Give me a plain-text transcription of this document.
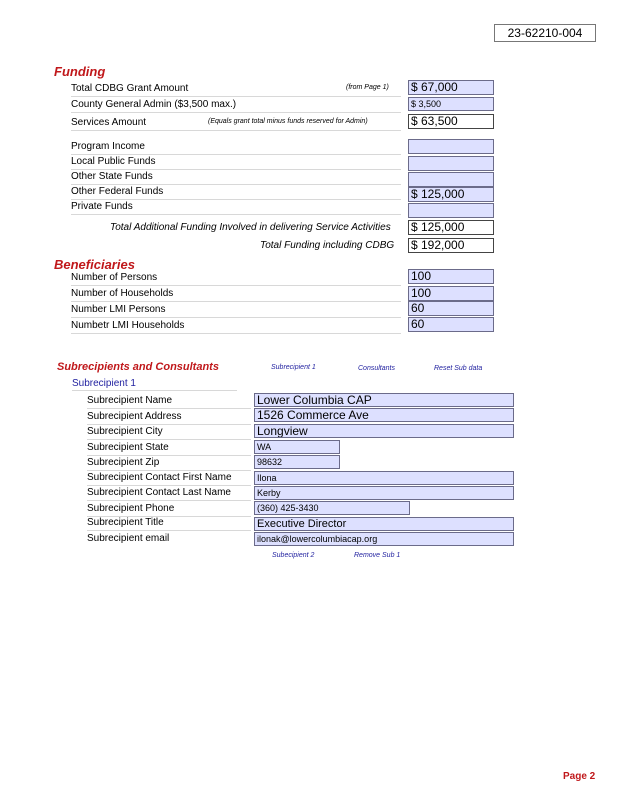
23-62210-004
Funding
Total CDBG Grant Amount	(from Page 1) $ 67,000
County General Admin ($3,500 max.)	$ 3,500
Services Amount	(Equals grant total minus funds reserved for Admin)	$ 63,500
Program Income
Local Public Funds
Other State Funds
Other Federal Funds	$ 125,000
Private Funds
Total Additional Funding Involved in delivering Service Activities $ 125,000
Total Funding including CDBG $ 192,000
Beneficiaries
Number of Persons	100
Number of Households	100
Number LMI Persons	60
Numbetr LMI Households	60
Subrecipients and Consultants	Subrecipient 1	Consultants	Reset Sub data
Subrecipient 1
Subrecipient Name	Lower Columbia CAP
Subrecipient Address	1526 Commerce Ave
Subrecipient City	Longview
Subrecipient State	WA
Subrecipient Zip	98632
Subrecipient Contact First Name	Ilona
Subrecipient Contact Last Name	Kerby
Subrecipient Phone	(360) 425-3430
Subrecipient Title	Executive Director
Subrecipient email	ilonak@lowercolumbiacap.org
Subecipient 2	Remove Sub 1
Page 2
